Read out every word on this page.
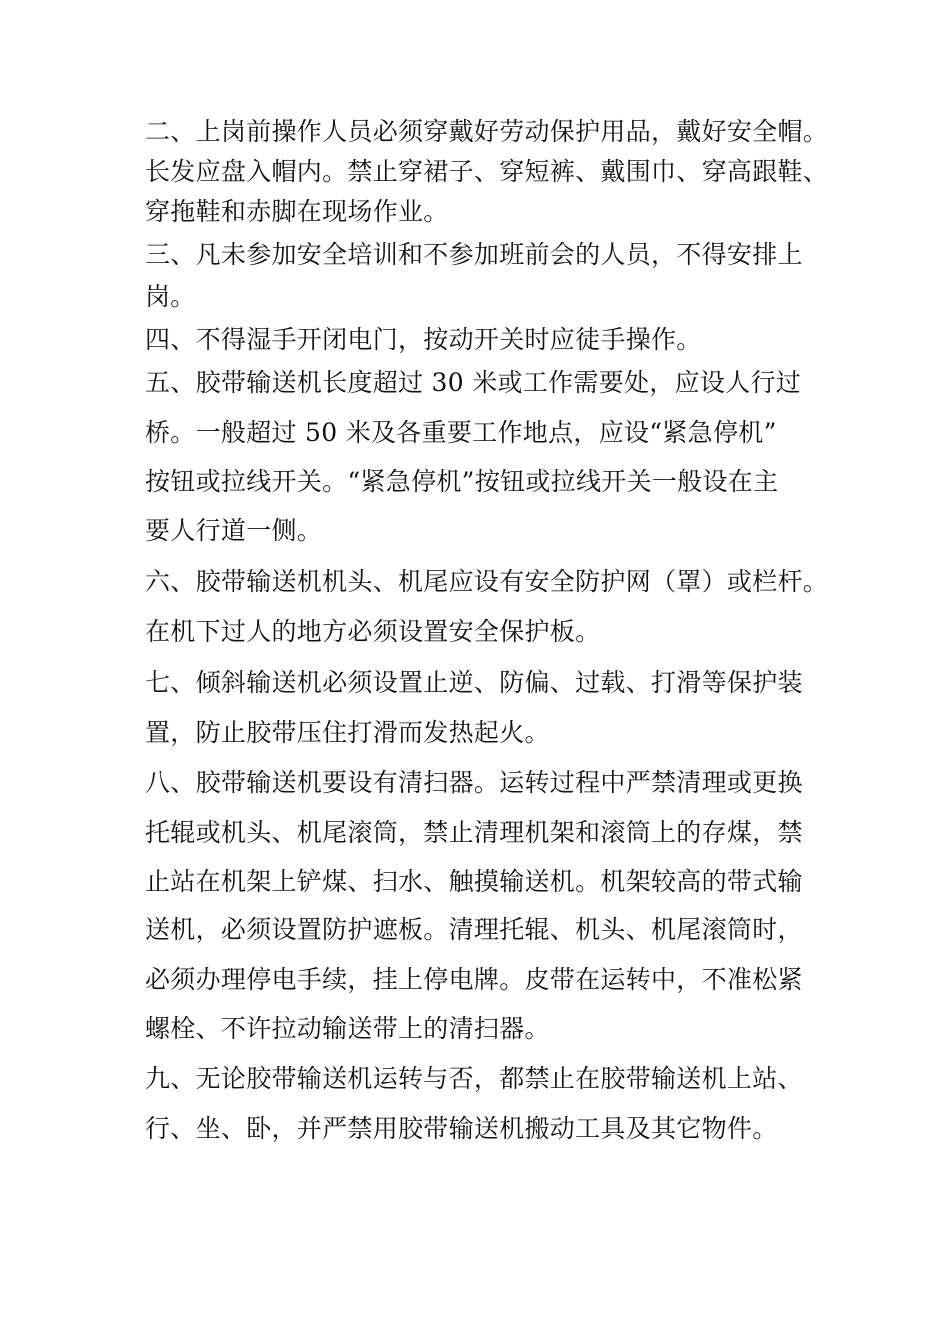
二、上岗前操作人员必须穿戴好劳动保护用品，戴好安全帽。
长发应盘入帽内。禁止穿裙子、穿短裤、戴围巾、穿高跟鞋、
穿拖鞋和赤脚在现场作业。
三、凡未参加安全培训和不参加班前会的人员，不得安排上
岗。
四、不得湿手开闭电门，按动开关时应徒手操作。
五、胶带输送机长度超过 30 米或工作需要处，应设人行过
桥。一般超过 50 米及各重要工作地点，应设“紧急停机”
按钮或拉线开关。“紧急停机”按钮或拉线开关一般设在主
要人行道一侧。
六、胶带输送机机头、机尾应设有安全防护网（罩）或栏杆。
在机下过人的地方必须设置安全保护板。
七、倾斜输送机必须设置止逆、防偏、过载、打滑等保护装
置，防止胶带压住打滑而发热起火。
八、胶带输送机要设有清扫器。运转过程中严禁清理或更换
托辊或机头、机尾滚筒，禁止清理机架和滚筒上的存煤，禁
止站在机架上铲煤、扫水、触摸输送机。机架较高的带式输
送机，必须设置防护遮板。清理托辊、机头、机尾滚筒时，
必须办理停电手续，挂上停电牌。皮带在运转中，不准松紧
螺栓、不许拉动输送带上的清扫器。
九、无论胶带输送机运转与否，都禁止在胶带输送机上站、
行、坐、卧，并严禁用胶带输送机搬动工具及其它物件。
